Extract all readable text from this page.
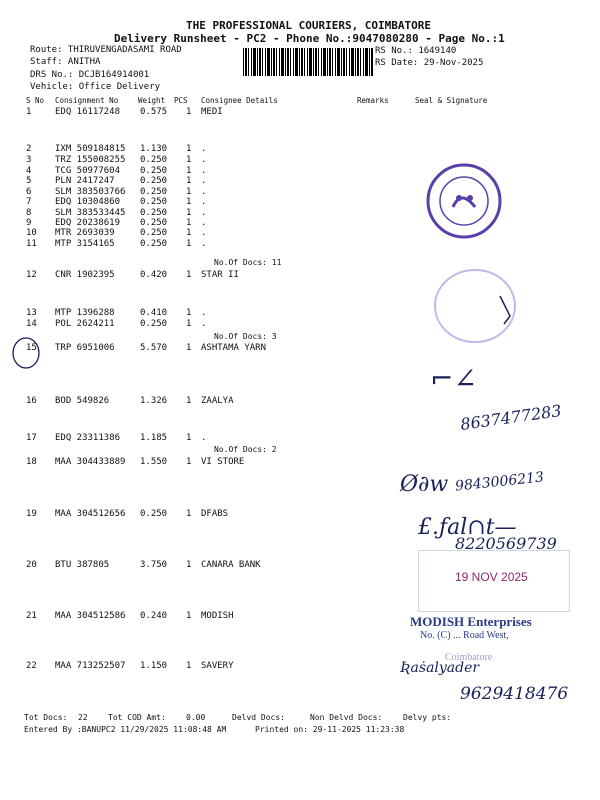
THE PROFESSIONAL COURIERS, COIMBATORE
Delivery Runsheet - PC2 - Phone No.:9047080280 - Page No.:1
Route: THIRUVENGADASAMI ROAD
Staff: ANITHA
DRS No.: DCJB164914001
Vehicle: Office Delivery
RS No.: 1649140
RS Date: 29-Nov-2025
S No Consignment No	Weight PCS Consignee Details	Remarks	Seal & Signature
1	EDQ 16117248 0.575 1 MEDI
2	IXM 509184815 1.130 1 .
3	TRZ 155008255 0.250 1 .
4	TCG 50977604 0.250 1 .
5	PLN 2417247	0.250 1 .
6	SLM 383503766 0.250 1 .
7	EDQ 10304860 0.250 1 .
8	SLM 383533445 0.250 1 .
9	EDQ 20238619 0.250 1 .
10 MTR 2693039	0.250 1 .
11 MTP 3154165	0.250 1 .
12 CNR 1902395	0.420 1 STAR II
13 MTP 1396288	0.410 1 .
14 POL 2624211	0.250 1 .
15 TRP 6951006	5.570 1 ASHTAMA YARN
16 BOD 549826	1.326 1 ZAALYA
17 EDQ 23311386 1.185 1 .
18 MAA 304433889 1.550 1 VI STORE
19 MAA 304512656 0.250 1 DFABS
20 BTU 387805	3.750 1 CANARA BANK
21 MAA 304512586 0.240 1 MODISH
22 MAA 713252507 1.150 1 SAVERY
No.Of Docs: 11
No.Of Docs: 3
No.Of Docs: 2
⌐∠
8637477283
Ø∂w 9843006213
£.ƒal∩t—
8220569739
19 NOV 2025
MODISH Enterprises
No. (C) ... Road West,
Coimbatore
Ʀaṡalyader
9629418476
Tot Docs: 22	Tot COD Amt:	0.00	Delvd Docs:	Non Delvd Docs:	Delvy pts:
Entered By :BANUPC2 11/29/2025 11:08:48 AM	Printed on: 29-11-2025 11:23:38
